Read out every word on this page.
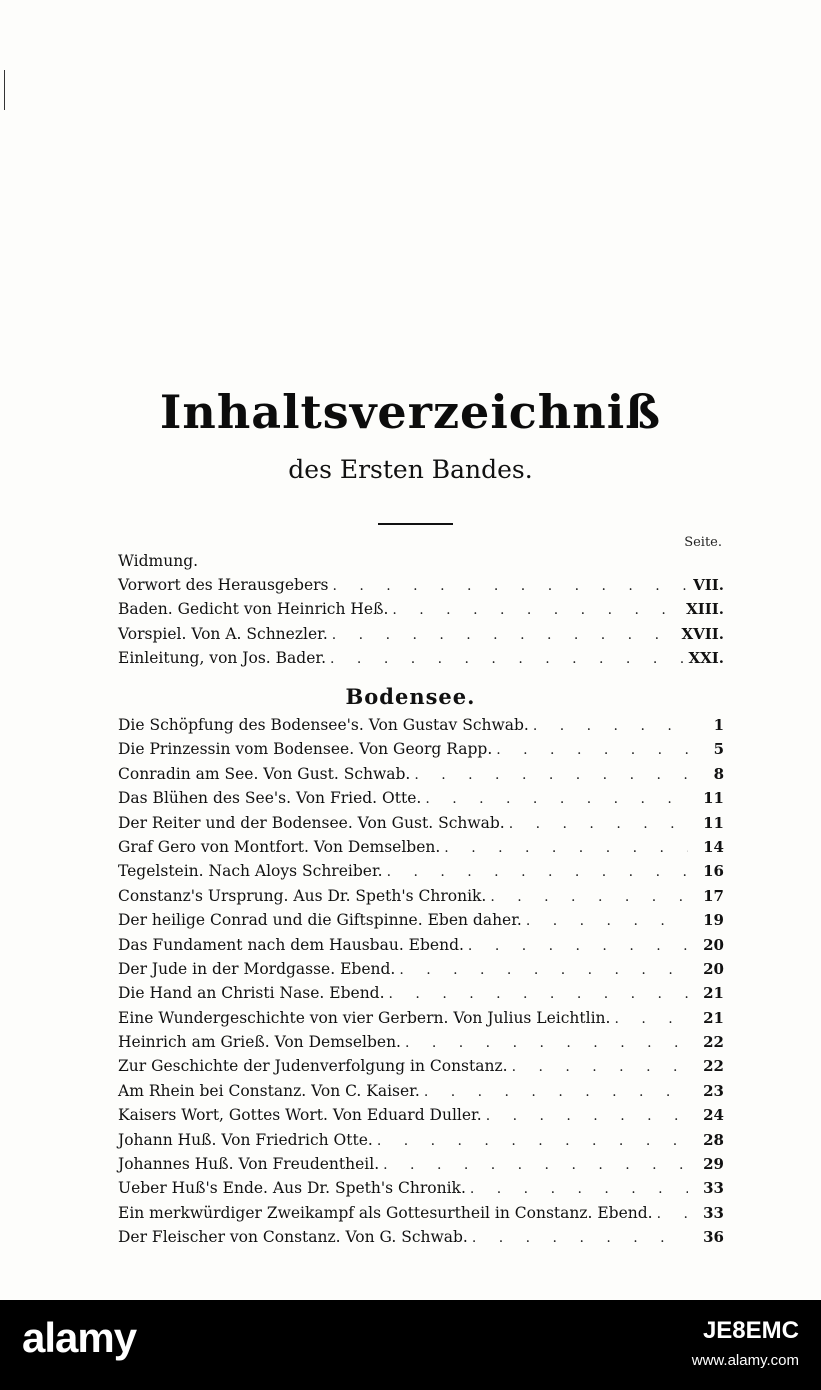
Inhaltsverzeichniß
des Ersten Bandes.
Seite.
Widmung.
Vorwort des Herausgebers . . .	VII.
Baden. Gedicht von Heinrich Heß. . . .	XIII.
Vorspiel. Von A. Schnezler. . . .	XVII.
Einleitung, von Jos. Bader. . . .	XXI.
Bodensee.
Die Schöpfung des Bodensee's. Von Gustav Schwab. . . .	1
Die Prinzessin vom Bodensee. Von Georg Rapp. . . .	5
Conradin am See. Von Gust. Schwab. . . .	8
Das Blühen des See's. Von Fried. Otte. . . .	11
Der Reiter und der Bodensee. Von Gust. Schwab. . . .	11
Graf Gero von Montfort. Von Demselben. . . .	14
Tegelstein. Nach Aloys Schreiber. . . .	16
Constanz's Ursprung. Aus Dr. Speth's Chronik. . . .	17
Der heilige Conrad und die Giftspinne. Eben daher. . . .	19
Das Fundament nach dem Hausbau. Ebend. . . .	20
Der Jude in der Mordgasse. Ebend. . . .	20
Die Hand an Christi Nase. Ebend. . . .	21
Eine Wundergeschichte von vier Gerbern. Von Julius Leichtlin. . . .	21
Heinrich am Grieß. Von Demselben. . . .	22
Zur Geschichte der Judenverfolgung in Constanz. . . .	22
Am Rhein bei Constanz. Von C. Kaiser. . . .	23
Kaisers Wort, Gottes Wort. Von Eduard Duller. . . .	24
Johann Huß. Von Friedrich Otte. . . .	28
Johannes Huß. Von Freudentheil. . . .	29
Ueber Huß's Ende. Aus Dr. Speth's Chronik. . . .	33
Ein merkwürdiger Zweikampf als Gottesurtheil in Constanz. Ebend. . . .	33
Der Fleischer von Constanz. Von G. Schwab. . . .	36
alamy	JE8EMC
www.alamy.com
